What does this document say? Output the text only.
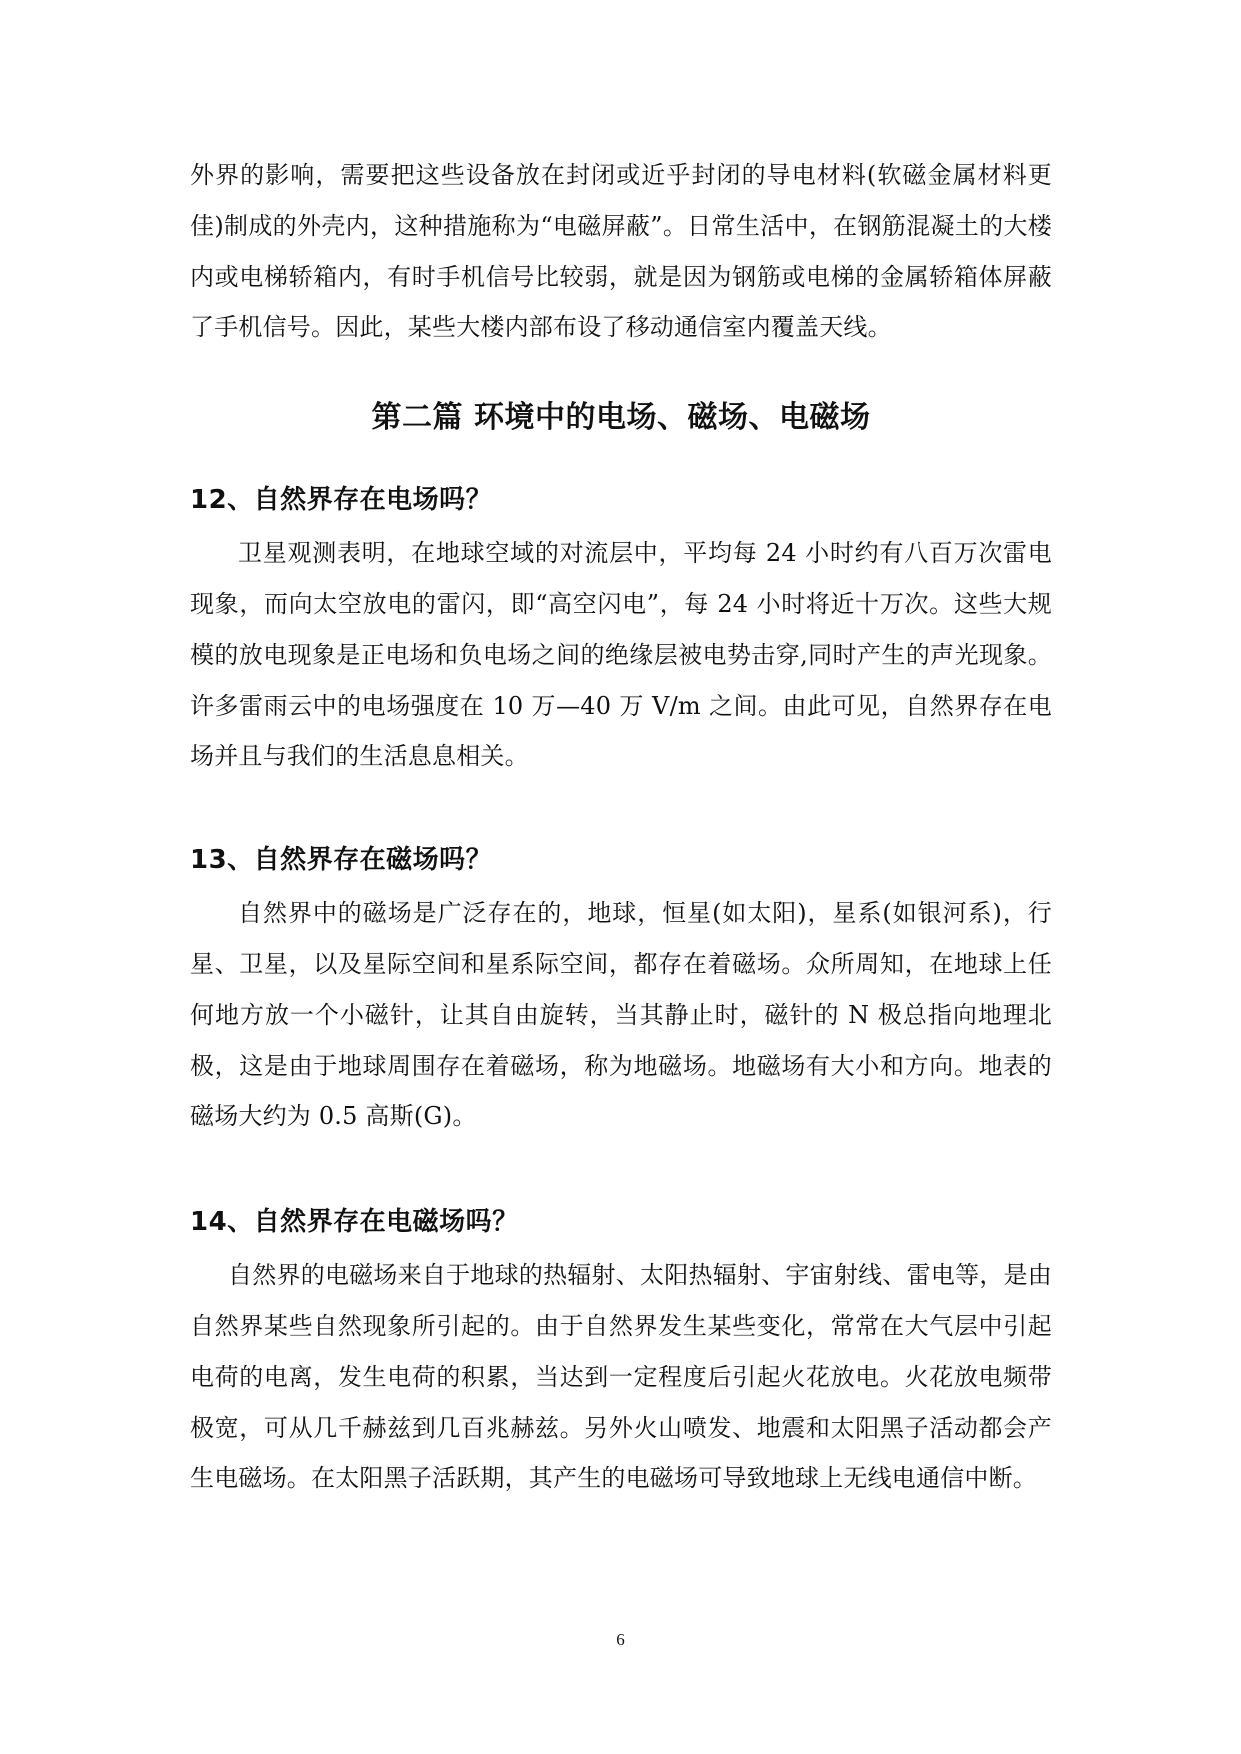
外界的影响，需要把这些设备放在封闭或近乎封闭的导电材料(软磁金属材料更佳)制成的外壳内，这种措施称为“电磁屏蔽”。日常生活中，在钢筋混凝土的大楼内或电梯轿箱内，有时手机信号比较弱，就是因为钢筋或电梯的金属轿箱体屏蔽了手机信号。因此，某些大楼内部布设了移动通信室内覆盖天线。

第二篇 环境中的电场、磁场、电磁场
12、自然界存在电场吗？

卫星观测表明，在地球空域的对流层中，平均每 24 小时约有八百万次雷电现象，而向太空放电的雷闪，即“高空闪电”，每 24 小时将近十万次。这些大规模的放电现象是正电场和负电场之间的绝缘层被电势击穿,同时产生的声光现象。许多雷雨云中的电场强度在 10 万—40 万 V/m 之间。由此可见，自然界存在电场并且与我们的生活息息相关。

13、自然界存在磁场吗？

自然界中的磁场是广泛存在的，地球，恒星(如太阳)，星系(如银河系)，行星、卫星，以及星际空间和星系际空间，都存在着磁场。众所周知，在地球上任何地方放一个小磁针，让其自由旋转，当其静止时，磁针的 N 极总指向地理北极，这是由于地球周围存在着磁场，称为地磁场。地磁场有大小和方向。地表的磁场大约为 0.5 高斯(G)。

14、自然界存在电磁场吗？

自然界的电磁场来自于地球的热辐射、太阳热辐射、宇宙射线、雷电等，是由自然界某些自然现象所引起的。由于自然界发生某些变化，常常在大气层中引起电荷的电离，发生电荷的积累，当达到一定程度后引起火花放电。火花放电频带极宽，可从几千赫兹到几百兆赫兹。另外火山喷发、地震和太阳黑子活动都会产生电磁场。在太阳黑子活跃期，其产生的电磁场可导致地球上无线电通信中断。

6
